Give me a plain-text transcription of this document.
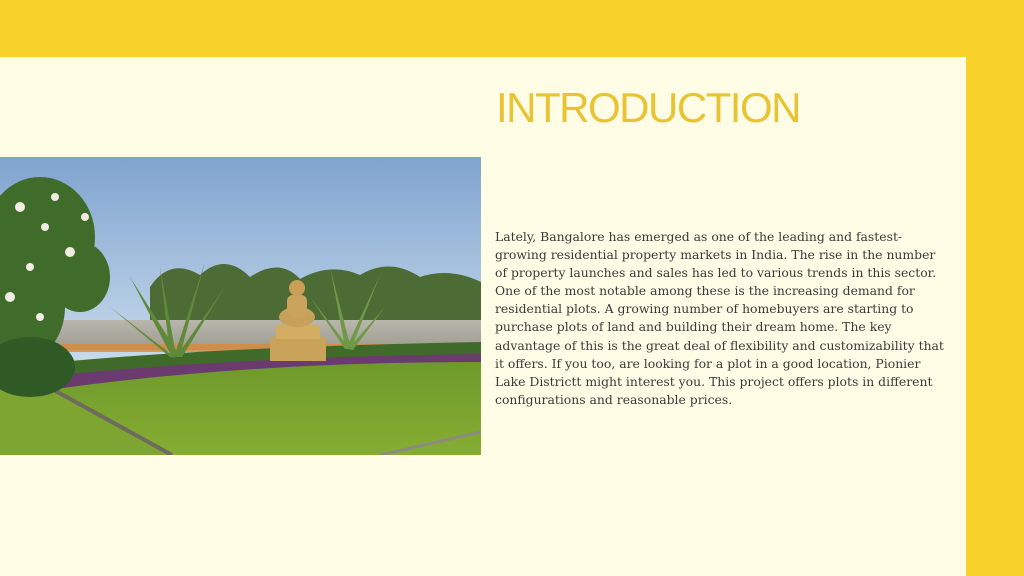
INTRODUCTION

Lately, Bangalore has emerged as one of the leading and fastest-growing residential property markets in India. The rise in the number of property launches and sales has led to various trends in this sector. One of the most notable among these is the increasing demand for residential plots. A growing number of homebuyers are starting to purchase plots of land and building their dream home. The key advantage of this is the great deal of flexibility and customizability that it offers. If you too, are looking for a plot in a good location, Pionier Lake Districtt might interest you. This project offers plots in different configurations and reasonable prices.
